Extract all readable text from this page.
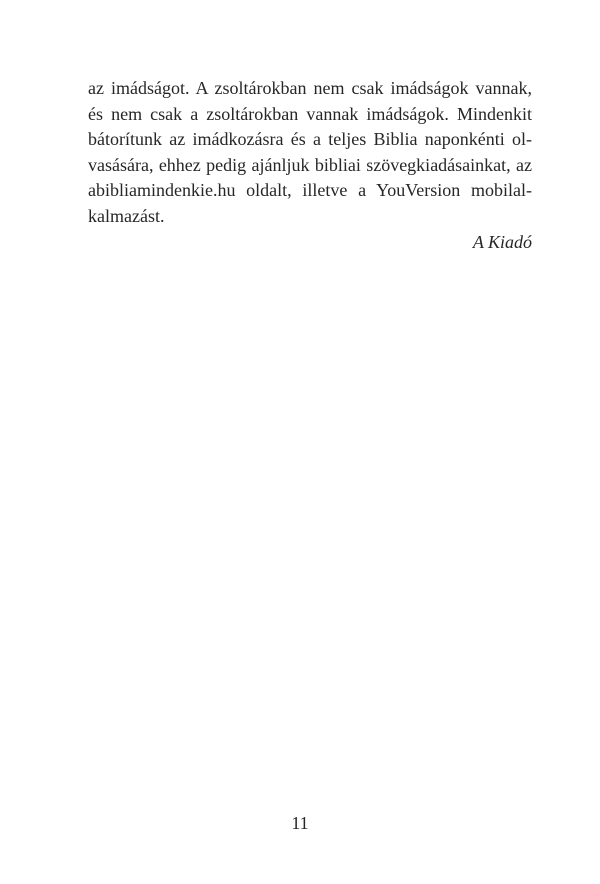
az imádságot. A zsoltárokban nem csak imádságok vannak,
és nem csak a zsoltárokban vannak imádságok. Mindenkit
bátorítunk az imádkozásra és a teljes Biblia naponkénti ol-
vasására, ehhez pedig ajánljuk bibliai szövegkiadásainkat, az
abibliamindenkie.hu oldalt, illetve a YouVersion mobilal-
kalmazást.
A Kiadó
11
